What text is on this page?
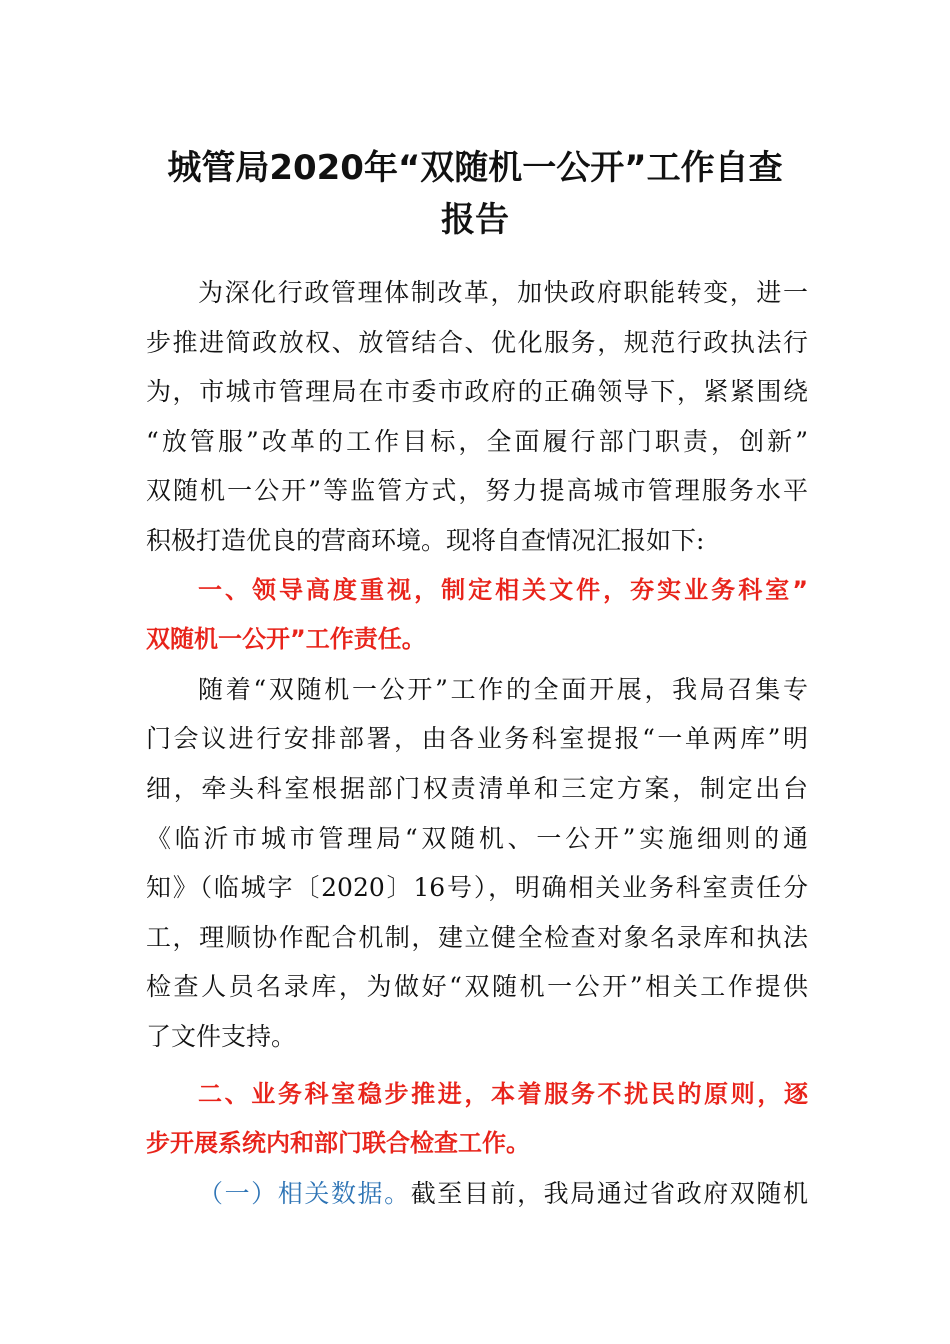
城管局2020年“双随机一公开”工作自查
报告
为深化行政管理体制改革，加快政府职能转变，进一
步推进简政放权、放管结合、优化服务，规范行政执法行
为，市城市管理局在市委市政府的正确领导下，紧紧围绕
“放管服”改革的工作目标，全面履行部门职责，创新”
双随机一公开”等监管方式，努力提高城市管理服务水平
积极打造优良的营商环境。现将自查情况汇报如下:
一、领导高度重视，制定相关文件，夯实业务科室”
双随机一公开”工作责任。
随着“双随机一公开”工作的全面开展，我局召集专
门会议进行安排部署，由各业务科室提报“一单两库”明
细，牵头科室根据部门权责清单和三定方案，制定出台
《临沂市城市管理局“双随机、一公开”实施细则的通
知》（临城字〔2020〕16号），明确相关业务科室责任分
工，理顺协作配合机制，建立健全检查对象名录库和执法
检查人员名录库，为做好“双随机一公开”相关工作提供
了文件支持。
二、业务科室稳步推进，本着服务不扰民的原则，逐
步开展系统内和部门联合检查工作。
（一）相关数据。截至目前，我局通过省政府双随机
